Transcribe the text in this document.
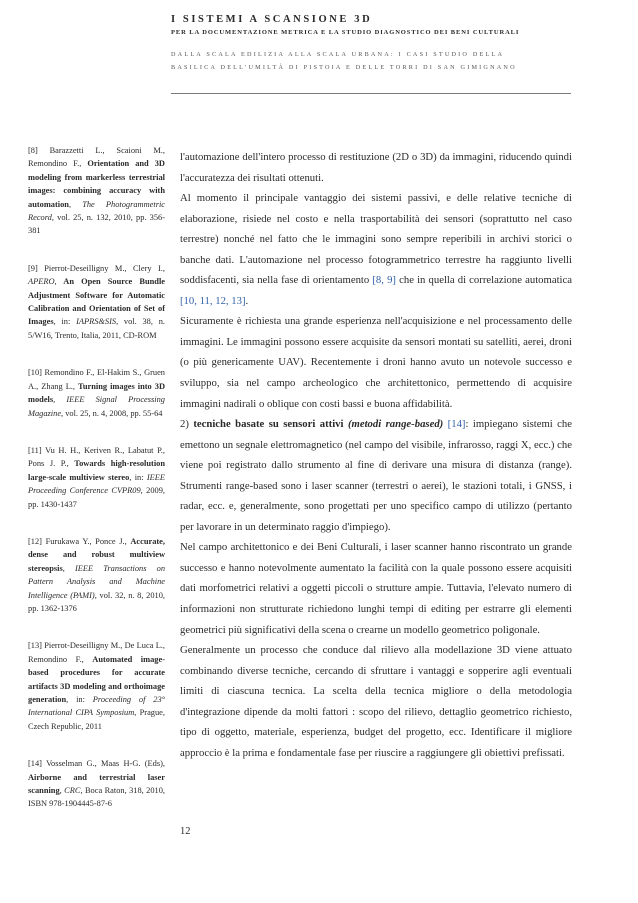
I SISTEMI A SCANSIONE 3D

PER LA DOCUMENTAZIONE METRICA E LA STUDIO DIAGNOSTICO DEI BENI CULTURALI

DALLA SCALA EDILIZIA ALLA SCALA URBANA: I CASI STUDIO DELLA

BASILICA DELL'UMILTÀ DI PISTOIA E DELLE TORRI DI SAN GIMIGNANO

[8] Barazzetti L., Scaioni M., Remondino F., Orientation and 3D modeling from markerless terrestrial images: combining accuracy with automation, The Photogrammetric Record, vol. 25, n. 132, 2010, pp. 356-381

[9] Pierrot-Deseilligny M., Clery I., APERO, An Open Source Bundle Adjustment Software for Automatic Calibration and Orientation of Set of Images, in: IAPRS&SIS, vol. 38, n. 5/W16, Trento, Italia, 2011, CD-ROM

[10] Remondino F., El-Hakim S., Gruen A., Zhang L., Turning images into 3D models, IEEE Signal Processing Magazine, vol. 25, n. 4, 2008, pp. 55-64

[11] Vu H. H., Keriven R., Labatut P., Pons J. P., Towards high-resolution large-scale multiview stereo, in: IEEE Proceeding Conference CVPR09, 2009, pp. 1430-1437

[12] Furukawa Y., Ponce J., Accurate, dense and robust multiview stereopsis, IEEE Transactions on Pattern Analysis and Machine Intelligence (PAMI), vol. 32, n. 8, 2010, pp. 1362-1376

[13] Pierrot-Deseilligny M., De Luca L., Remondino F., Automated image-based procedures for accurate artifacts 3D modeling and orthoimage generation, in: Proceeding of 23° International CIPA Symposium, Prague, Czech Republic, 2011

[14] Vosselman G., Maas H-G. (Eds), Airborne and terrestrial laser scanning, CRC, Boca Raton, 318, 2010, ISBN 978-1904445-87-6

l'automazione dell'intero processo di restituzione (2D o 3D) da immagini, riducendo quindi l'accuratezza dei risultati ottenuti.

Al momento il principale vantaggio dei sistemi passivi, e delle relative tecniche di elaborazione, risiede nel costo e nella trasportabilità dei sensori (soprattutto nel caso terrestre) nonché nel fatto che le immagini sono sempre reperibili in archivi storici o banche dati. L'automazione nel processo fotogrammetrico terrestre ha raggiunto livelli soddisfacenti, sia nella fase di orientamento [8, 9] che in quella di correlazione automatica [10, 11, 12, 13].

Sicuramente è richiesta una grande esperienza nell'acquisizione e nel processamento delle immagini. Le immagini possono essere acquisite da sensori montati su satelliti, aerei, droni (o più genericamente UAV). Recentemente i droni hanno avuto un notevole successo e sviluppo, sia nel campo archeologico che architettonico, permettendo di acquisire immagini nadirali o oblique con costi bassi e buona affidabilità.

2) tecniche basate su sensori attivi (metodi range-based) [14]: impiegano sistemi che emettono un segnale elettromagnetico (nel campo del visibile, infrarosso, raggi X, ecc.) che viene poi registrato dallo strumento al fine di derivare una misura di distanza (range). Strumenti range-based sono i laser scanner (terrestri o aerei), le stazioni totali, i GNSS, i radar, ecc. e, generalmente, sono progettati per uno specifico campo di utilizzo (pertanto per lavorare in un determinato raggio d'impiego).

Nel campo architettonico e dei Beni Culturali, i laser scanner hanno riscontrato un grande successo e hanno notevolmente aumentato la facilità con la quale possono essere acquisiti dati morfometrici relativi a oggetti piccoli o strutture ampie. Tuttavia, l'elevato numero di informazioni non strutturate richiedono lunghi tempi di editing per estrarre gli elementi geometrici più significativi della scena o crearne un modello geometrico poligonale.

Generalmente un processo che conduce dal rilievo alla modellazione 3D viene attuato combinando diverse tecniche, cercando di sfruttare i vantaggi e sopperire agli eventuali limiti di ciascuna tecnica. La scelta della tecnica migliore o della metodologia d'integrazione dipende da molti fattori : scopo del rilievo, dettaglio geometrico richiesto, tipo di oggetto, materiale, esperienza, budget del progetto, ecc. Identificare il migliore approccio è la prima e fondamentale fase per riuscire a raggiungere gli obiettivi prefissati.

12
